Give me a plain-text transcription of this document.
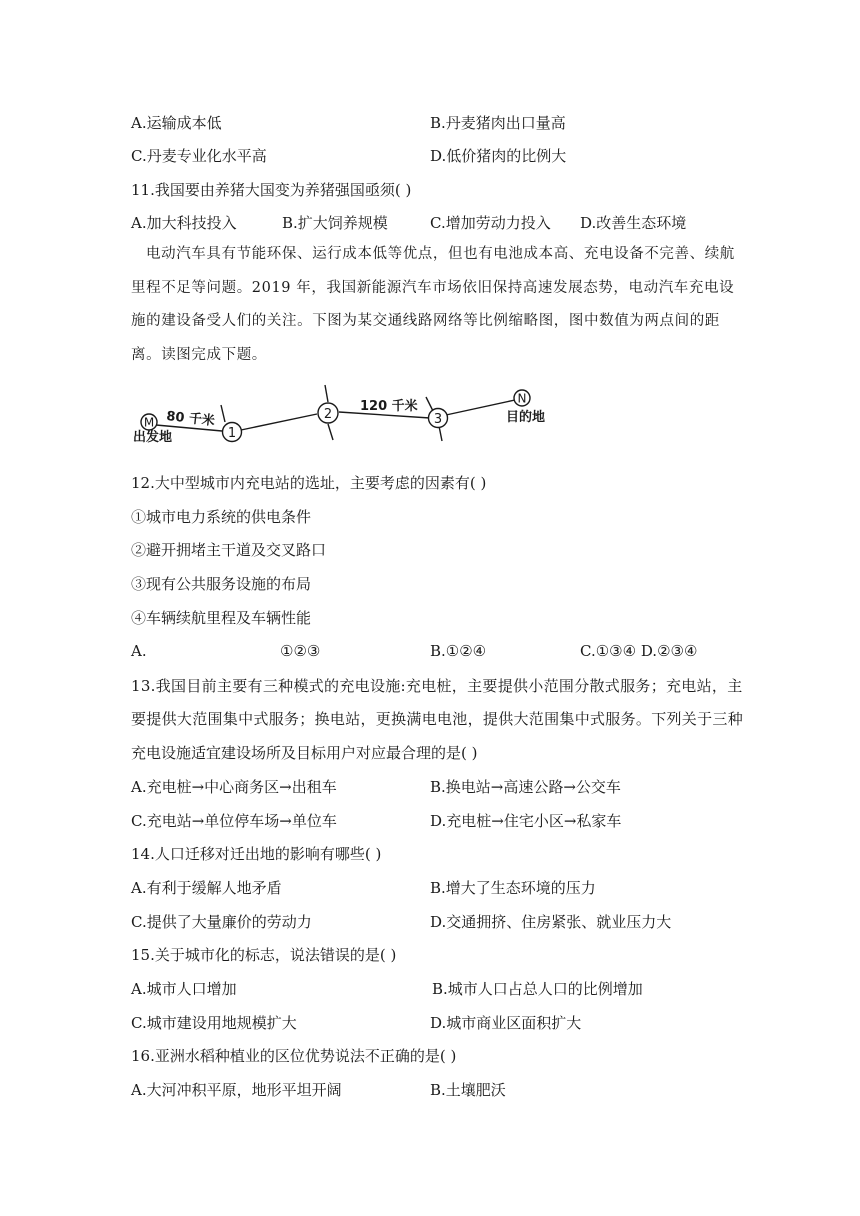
A.运输成本低	B.丹麦猪肉出口量高
C.丹麦专业化水平高	D.低价猪肉的比例大
11.我国要由养猪大国变为养猪强国亟须( )
A.加大科技投入	B.扩大饲养规模	C.增加劳动力投入 D.改善生态环境

电动汽车具有节能环保、运行成本低等优点，但也有电池成本高、充电设备不完善、续航里程不足等问题。2019 年，我国新能源汽车市场依旧保持高速发展态势，电动汽车充电设施的建设备受人们的关注。下图为某交通线路网络等比例缩略图，图中数值为两点间的距离。读图完成下题。

M
1
2	3
N
80 千米
120 千米
出发地
目的地
12.大中型城市内充电站的选址，主要考虑的因素有( )
①城市电力系统的供电条件
②避开拥堵主干道及交叉路口
③现有公共服务设施的布局
④车辆续航里程及车辆性能
A.	①②③	B.①②④	C.①③④ D.②③④
13.我国目前主要有三种模式的充电设施:充电桩，主要提供小范围分散式服务；充电站，主
要提供大范围集中式服务；换电站，更换满电电池，提供大范围集中式服务。下列关于三种
充电设施适宜建设场所及目标用户对应最合理的是( )
A.充电桩→中心商务区→出租车	B.换电站→高速公路→公交车
C.充电站→单位停车场→单位车	D.充电桩→住宅小区→私家车
14.人口迁移对迁出地的影响有哪些( )
A.有利于缓解人地矛盾	B.增大了生态环境的压力
C.提供了大量廉价的劳动力	D.交通拥挤、住房紧张、就业压力大
15.关于城市化的标志，说法错误的是( )
A.城市人口增加	B.城市人口占总人口的比例增加
C.城市建设用地规模扩大	D.城市商业区面积扩大
16.亚洲水稻种植业的区位优势说法不正确的是( )
A.大河冲积平原，地形平坦开阔	B.土壤肥沃
